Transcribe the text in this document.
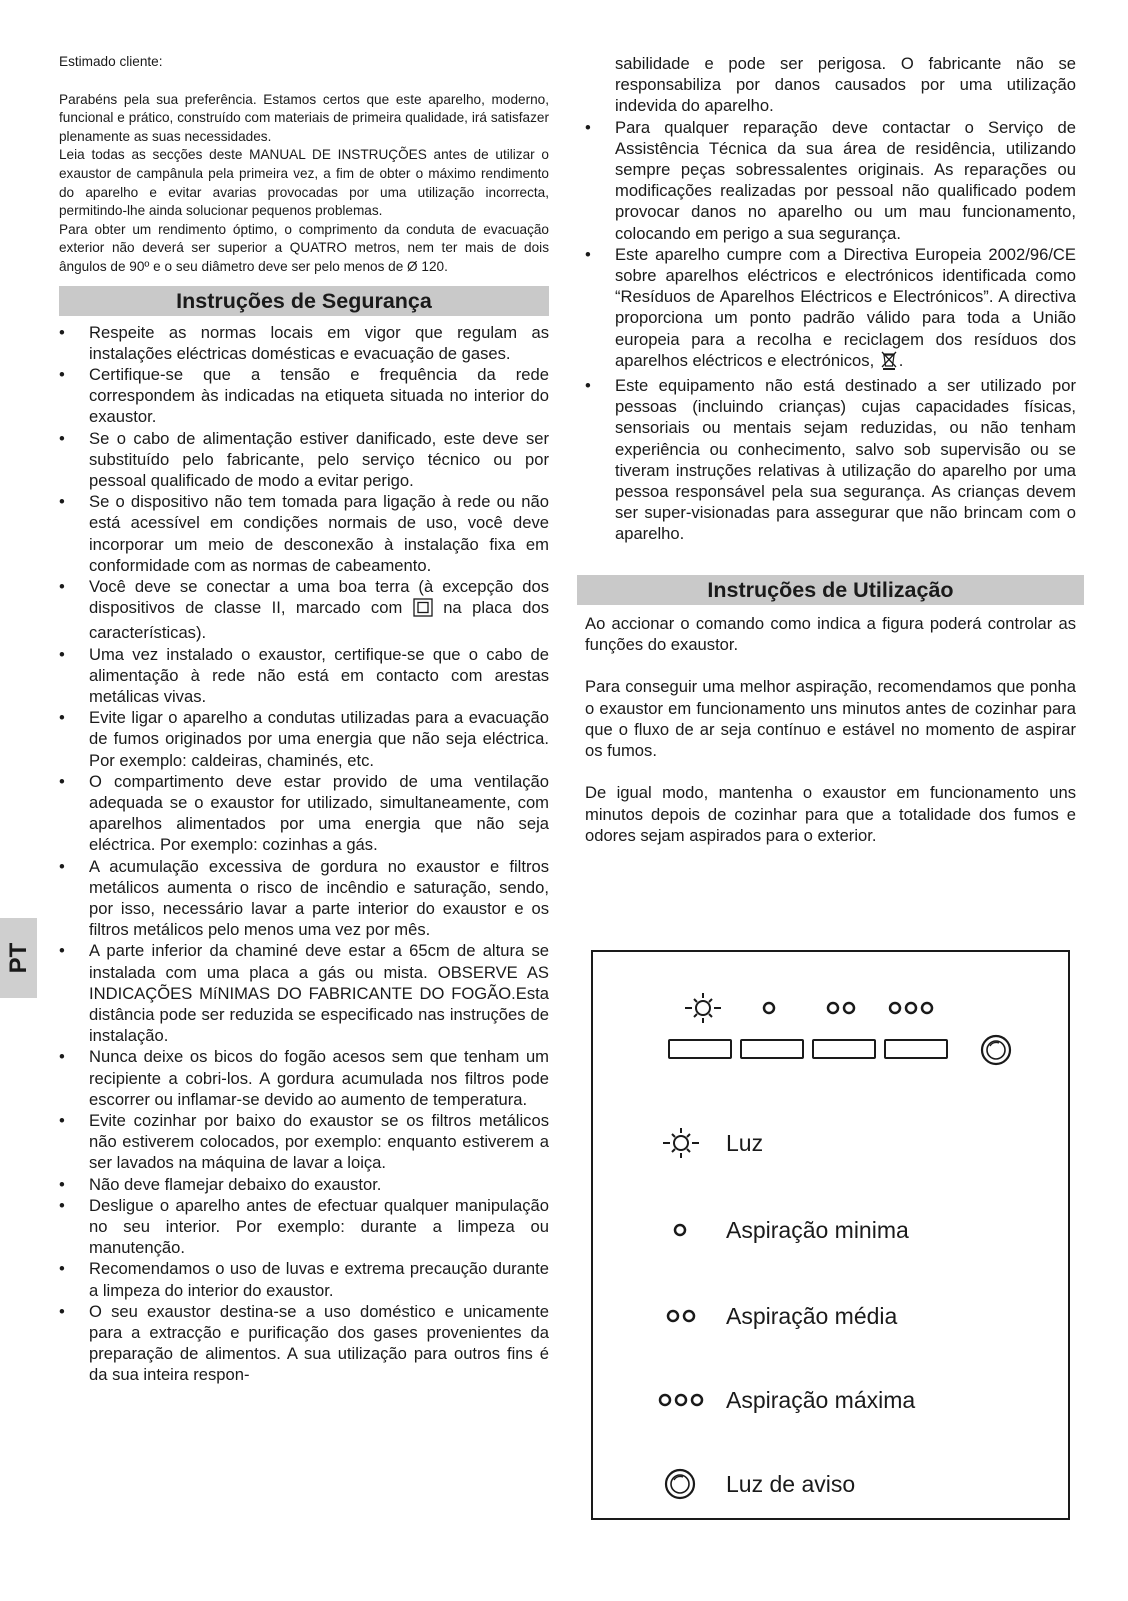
PT

Estimado cliente:

Parabéns pela sua preferência. Estamos certos que este aparelho, moderno, funcional e prático, construído com materiais de primeira qualidade, irá satisfazer plenamente as suas necessidades.

Leia todas as secções deste MANUAL DE INSTRUÇÕES antes de utilizar o exaustor de campânula pela primeira vez, a fim de obter o máximo rendimento do aparelho e evitar avarias provocadas por uma utilização incorrecta, permitindo-lhe ainda solucionar pequenos problemas.

Para obter um rendimento óptimo, o comprimento da conduta de evacuação exterior não deverá ser superior a QUATRO metros, nem ter mais de dois ângulos de 90º e o seu diâmetro deve ser pelo menos de Ø 120.

Instruções de Segurança
• Respeite as normas locais em vigor que regulam as instalações eléctricas domésticas e evacuação de gases.
• Certifique-se que a tensão e frequência da rede correspondem às indicadas na etiqueta situada no interior do exaustor.
• Se o cabo de alimentação estiver danificado, este deve ser substituído pelo fabricante, pelo serviço técnico ou por pessoal qualificado de modo a evitar perigo.
• Se o dispositivo não tem tomada para ligação à rede ou não está acessível em condições normais de uso, você deve incorporar um meio de desconexão à instalação fixa em conformidade com as normas de cabeamento.
• Você deve se conectar a uma boa terra (à excepção dos dispositivos de classe II, marcado com  na placa dos características).
• Uma vez instalado o exaustor, certifique-se que o cabo de alimentação à rede não está em contacto com arestas metálicas vivas.
• Evite ligar o aparelho a condutas utilizadas para a evacuação de fumos originados por uma energia que não seja eléctrica. Por exemplo: caldeiras, chaminés, etc.
• O compartimento deve estar provido de uma ventilação adequada se o exaustor for utilizado, simultaneamente, com aparelhos alimentados por uma energia que não seja eléctrica. Por exemplo: cozinhas a gás.
• A acumulação excessiva de gordura no exaustor e filtros metálicos aumenta o risco de incêndio e saturação, sendo, por isso, necessário lavar a parte interior do exaustor e os filtros metálicos pelo menos uma vez por mês.
• A parte inferior da chaminé deve estar a 65cm de altura se instalada com uma placa a gás ou mista. OBSERVE AS INDICAÇÕES MíNIMAS DO FABRICANTE DO FOGÃO.Esta distância pode ser reduzida se especificado nas instruções de instalação.
• Nunca deixe os bicos do fogão acesos sem que tenham um recipiente a cobri-los. A gordura acumulada nos filtros pode escorrer ou inflamar-se devido ao aumento de temperatura.
• Evite cozinhar por baixo do exaustor se os filtros metálicos não estiverem colocados, por exemplo: enquanto estiverem a ser lavados na máquina de lavar a loiça.
• Não deve flamejar debaixo do exaustor.
• Desligue o aparelho antes de efectuar qualquer manipulação no seu interior. Por exemplo: durante a limpeza ou manutenção.
• Recomendamos o uso de luvas e extrema precaução durante a limpeza do interior do exaustor.
• O seu exaustor destina-se a uso doméstico e unicamente para a extracção e purificação dos gases provenientes da preparação de alimentos. A sua utilização para outros fins é da sua inteira respon-
sabilidade e pode ser perigosa. O fabricante não se responsabiliza por danos causados por uma utilização indevida do aparelho.
• Para qualquer reparação deve contactar o Serviço de Assistência Técnica da sua área de residência, utilizando sempre peças sobressalentes originais. As reparações ou modificações realizadas por pessoal não qualificado podem provocar danos no aparelho ou um mau funcionamento, colocando em perigo a sua segurança.
• Este aparelho cumpre com a Directiva Europeia 2002/96/CE sobre aparelhos eléctricos e electrónicos identificada como “Resíduos de Aparelhos Eléctricos e Electrónicos”. A directiva proporciona um ponto padrão válido para toda a União europeia para a recolha e reciclagem dos resíduos dos aparelhos eléctricos e electrónicos, .
• Este equipamento não está destinado a ser utilizado por pessoas (incluindo crianças) cujas capacidades físicas, sensoriais ou mentais sejam reduzidas, ou não tenham experiência ou conhecimento, salvo sob supervisão ou se tiveram instruções relativas à utilização do aparelho por uma pessoa responsável pela sua segurança. As crianças devem ser super-visionadas para assegurar que não brincam com o aparelho.
Instruções de Utilização

Ao accionar o comando como indica a figura poderá controlar as funções do exaustor.

Para conseguir uma melhor aspiração, recomendamos que ponha o exaustor em funcionamento uns minutos antes de cozinhar para que o fluxo de ar seja contínuo e estável no momento de aspirar os fumos.

De igual modo, mantenha o exaustor em funcionamento uns minutos depois de cozinhar para que a totalidade dos fumos e odores sejam aspirados para o exterior.

Luz
Aspiração minima
Aspiração média
Aspiração máxima
Luz de aviso
